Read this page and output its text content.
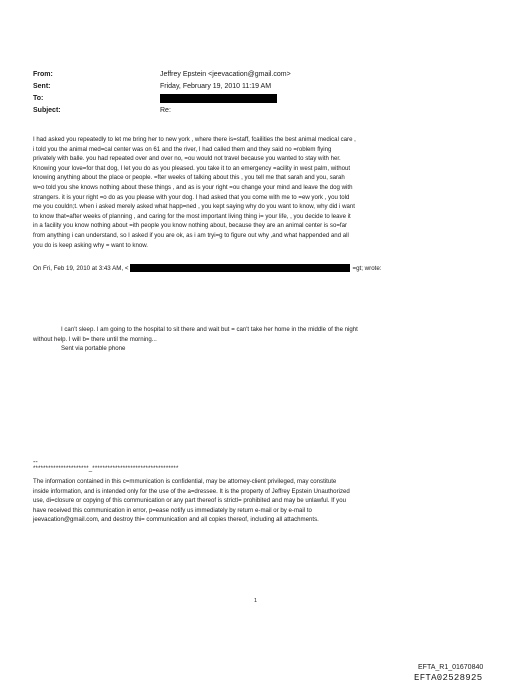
From:	Jeffrey Epstein <jeevacation@gmail.com>
Sent:	Friday, February 19, 2010 11:19 AM
To:
Subject:	Re:
I had asked you repeatedly to let me bring her to new york , where there is=staff, fcailities the best animal medical care ,
i told you the animal med=cal center was on 61 and the river, I had called them and they said no =roblem flying
privately with balle. you had repeated over and over no, =ou would not travel because you wanted to stay with her.
Knowing your love=for that dog, I let you do as you pleased. you take it to an emergency =acility in west palm, without
knowing anything about the place or people. =fter weeks of talking about this , you tell me that sarah and you, sarah
w=o told you she knows nothing about these things , and as is your right =ou change your mind and leave the dog with
strangers. it is your right =o do as you please with your dog. I had asked that you come with me to =ew york , you told
me you couldn;t. when i asked merely asked what happ=ned , you kept saying why do you want to know, why did i want
to know that=after weeks of planning , and caring for the most important living thing i= your life, , you decide to leave it
in a facility you know nothing about =ith people you know nothing about, because they are an animal center is so=far
from anything i can understand, so I asked if you are ok, as i am tryi=g to figure out why ,and what happended and all
you do is keep asking why = want to know.
On Fri, Feb 19, 2010 at 3:43 AM, <	=gt; wrote:
I can't sleep. I am going to the hospital to sit there and wait but = can't take her home in the middle of the night
without help. I will b= there until the morning...
Sent via portable phone
--
**********************_**********************************
The information contained in this c=mmunication is confidential, may be attorney-client privileged, may constitute
inside information, and is intended only for the use of the a=dressee. It is the property of Jeffrey Epstein Unauthorized
use, di=closure or copying of this communication or any part thereof is strictl= prohibited and may be unlawful. If you
have received this communication in error, p=ease notify us immediately by return e-mail or by e-mail to
jeevacation@gmail.com, and destroy thi= communication and all copies thereof, including all attachments.
1
EFTA_R1_01670840
EFTA02528925
